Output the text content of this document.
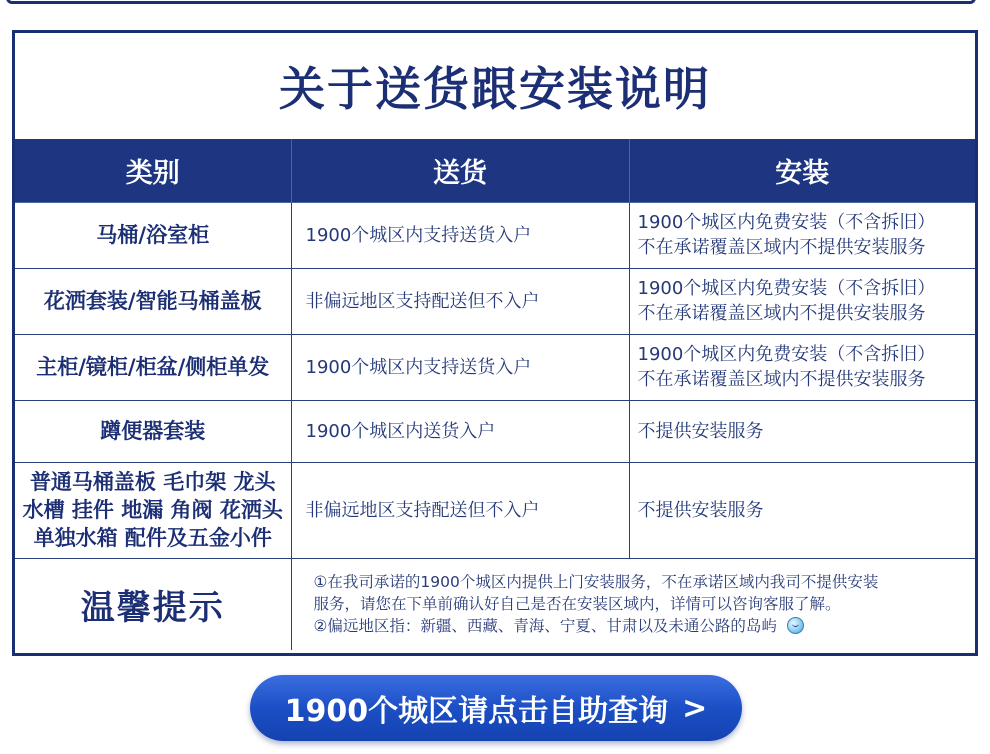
关于送货跟安装说明
类别	送货	安装

马桶/浴室柜	1900个城区内支持送货入户	1900个城区内免费安装（不含拆旧）
不在承诺覆盖区域内不提供安装服务

花洒套装/智能马桶盖板	非偏远地区支持配送但不入户	1900个城区内免费安装（不含拆旧）
不在承诺覆盖区域内不提供安装服务

主柜/镜柜/柜盆/侧柜单发	1900个城区内支持送货入户	1900个城区内免费安装（不含拆旧）
不在承诺覆盖区域内不提供安装服务

蹲便器套装	1900个城区内送货入户	不提供安装服务

普通马桶盖板 毛巾架 龙头
水槽 挂件 地漏 角阀 花洒头
单独水箱 配件及五金小件	非偏远地区支持配送但不入户	不提供安装服务

温馨提示	①在我司承诺的1900个城区内提供上门安装服务，不在承诺区域内我司不提供安装
服务，请您在下单前确认好自己是否在安装区域内，详情可以咨询客服了解。
②偏远地区指：新疆、西藏、青海、宁夏、甘肃以及未通公路的岛屿	
1900个城区请点击自助查询 >
